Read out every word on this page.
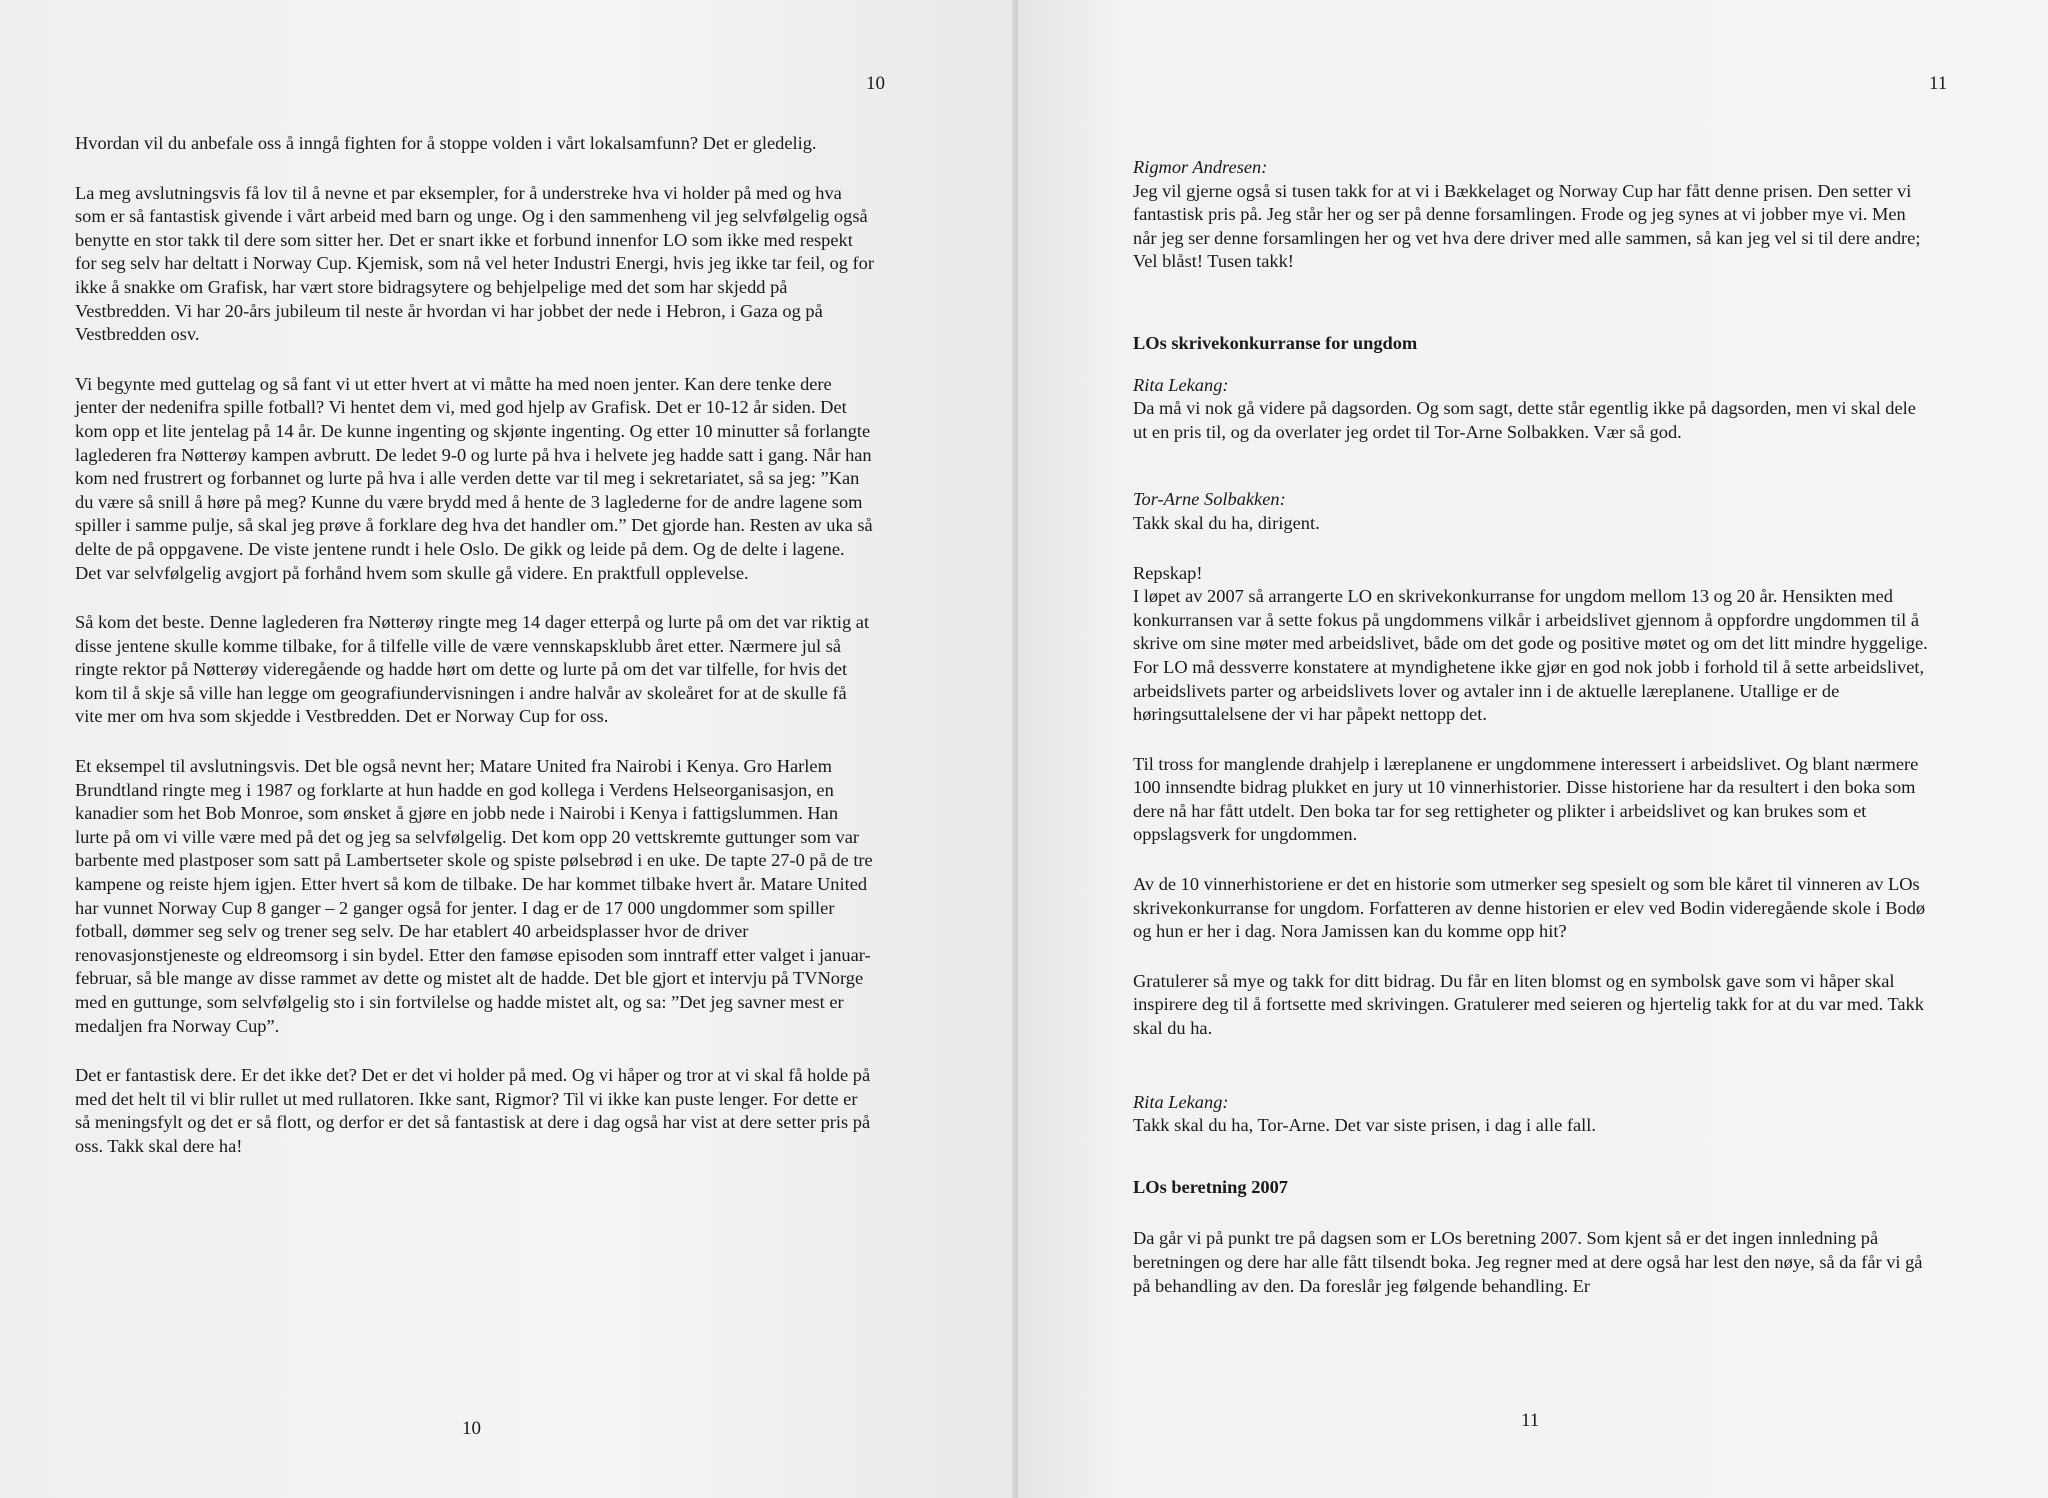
10

Hvordan vil du anbefale oss å inngå fighten for å stoppe volden i vårt lokalsamfunn? Det er gledelig.

La meg avslutningsvis få lov til å nevne et par eksempler, for å understreke hva vi holder på med og hva som er så fantastisk givende i vårt arbeid med barn og unge. Og i den sammenheng vil jeg selvfølgelig også benytte en stor takk til dere som sitter her. Det er snart ikke et forbund innenfor LO som ikke med respekt for seg selv har deltatt i Norway Cup. Kjemisk, som nå vel heter Industri Energi, hvis jeg ikke tar feil, og for ikke å snakke om Grafisk, har vært store bidragsytere og behjelpelige med det som har skjedd på Vestbredden. Vi har 20-års jubileum til neste år hvordan vi har jobbet der nede i Hebron, i Gaza og på Vestbredden osv.

Vi begynte med guttelag og så fant vi ut etter hvert at vi måtte ha med noen jenter. Kan dere tenke dere jenter der nedenifra spille fotball? Vi hentet dem vi, med god hjelp av Grafisk. Det er 10-12 år siden. Det kom opp et lite jentelag på 14 år. De kunne ingenting og skjønte ingenting. Og etter 10 minutter så forlangte laglederen fra Nøtterøy kampen avbrutt. De ledet 9-0 og lurte på hva i helvete jeg hadde satt i gang. Når han kom ned frustrert og forbannet og lurte på hva i alle verden dette var til meg i sekretariatet, så sa jeg: ”Kan du være så snill å høre på meg? Kunne du være brydd med å hente de 3 laglederne for de andre lagene som spiller i samme pulje, så skal jeg prøve å forklare deg hva det handler om.” Det gjorde han. Resten av uka så delte de på oppgavene. De viste jentene rundt i hele Oslo. De gikk og leide på dem. Og de delte i lagene. Det var selvfølgelig avgjort på forhånd hvem som skulle gå videre. En praktfull opplevelse.

Så kom det beste. Denne laglederen fra Nøtterøy ringte meg 14 dager etterpå og lurte på om det var riktig at disse jentene skulle komme tilbake, for å tilfelle ville de være vennskapsklubb året etter. Nærmere jul så ringte rektor på Nøtterøy videregående og hadde hørt om dette og lurte på om det var tilfelle, for hvis det kom til å skje så ville han legge om geografiundervisningen i andre halvår av skoleåret for at de skulle få vite mer om hva som skjedde i Vestbredden. Det er Norway Cup for oss.

Et eksempel til avslutningsvis. Det ble også nevnt her; Matare United fra Nairobi i Kenya. Gro Harlem Brundtland ringte meg i 1987 og forklarte at hun hadde en god kollega i Verdens Helseorganisasjon, en kanadier som het Bob Monroe, som ønsket å gjøre en jobb nede i Nairobi i Kenya i fattigslummen. Han lurte på om vi ville være med på det og jeg sa selvfølgelig. Det kom opp 20 vettskremte guttunger som var barbente med plastposer som satt på Lambertseter skole og spiste pølsebrød i en uke. De tapte 27-0 på de tre kampene og reiste hjem igjen. Etter hvert så kom de tilbake. De har kommet tilbake hvert år. Matare United har vunnet Norway Cup 8 ganger – 2 ganger også for jenter. I dag er de 17 000 ungdommer som spiller fotball, dømmer seg selv og trener seg selv. De har etablert 40 arbeidsplasser hvor de driver renovasjonstjeneste og eldreomsorg i sin bydel. Etter den famøse episoden som inntraff etter valget i januar-februar, så ble mange av disse rammet av dette og mistet alt de hadde. Det ble gjort et intervju på TVNorge med en guttunge, som selvfølgelig sto i sin fortvilelse og hadde mistet alt, og sa: ”Det jeg savner mest er medaljen fra Norway Cup”.

Det er fantastisk dere. Er det ikke det? Det er det vi holder på med. Og vi håper og tror at vi skal få holde på med det helt til vi blir rullet ut med rullatoren. Ikke sant, Rigmor? Til vi ikke kan puste lenger. For dette er så meningsfylt og det er så flott, og derfor er det så fantastisk at dere i dag også har vist at dere setter pris på oss. Takk skal dere ha!

10
11
Rigmor Andresen:

Jeg vil gjerne også si tusen takk for at vi i Bækkelaget og Norway Cup har fått denne prisen. Den setter vi fantastisk pris på. Jeg står her og ser på denne forsamlingen. Frode og jeg synes at vi jobber mye vi. Men når jeg ser denne forsamlingen her og vet hva dere driver med alle sammen, så kan jeg vel si til dere andre; Vel blåst! Tusen takk!

LOs skrivekonkurranse for ungdom

Rita Lekang:

Da må vi nok gå videre på dagsorden. Og som sagt, dette står egentlig ikke på dagsorden, men vi skal dele ut en pris til, og da overlater jeg ordet til Tor-Arne Solbakken. Vær så god.

Tor-Arne Solbakken:

Takk skal du ha, dirigent.

Repskap!

I løpet av 2007 så arrangerte LO en skrivekonkurranse for ungdom mellom 13 og 20 år. Hensikten med konkurransen var å sette fokus på ungdommens vilkår i arbeidslivet gjennom å oppfordre ungdommen til å skrive om sine møter med arbeidslivet, både om det gode og positive møtet og om det litt mindre hyggelige. For LO må dessverre konstatere at myndighetene ikke gjør en god nok jobb i forhold til å sette arbeidslivet, arbeidslivets parter og arbeidslivets lover og avtaler inn i de aktuelle læreplanene. Utallige er de høringsuttalelsene der vi har påpekt nettopp det.

Til tross for manglende drahjelp i læreplanene er ungdommene interessert i arbeidslivet. Og blant nærmere 100 innsendte bidrag plukket en jury ut 10 vinnerhistorier. Disse historiene har da resultert i den boka som dere nå har fått utdelt. Den boka tar for seg rettigheter og plikter i arbeidslivet og kan brukes som et oppslagsverk for ungdommen.

Av de 10 vinnerhistoriene er det en historie som utmerker seg spesielt og som ble kåret til vinneren av LOs skrivekonkurranse for ungdom. Forfatteren av denne historien er elev ved Bodin videregående skole i Bodø og hun er her i dag. Nora Jamissen kan du komme opp hit?

Gratulerer så mye og takk for ditt bidrag. Du får en liten blomst og en symbolsk gave som vi håper skal inspirere deg til å fortsette med skrivingen. Gratulerer med seieren og hjertelig takk for at du var med. Takk skal du ha.

Rita Lekang:

Takk skal du ha, Tor-Arne. Det var siste prisen, i dag i alle fall.

LOs beretning 2007

Da går vi på punkt tre på dagsen som er LOs beretning 2007. Som kjent så er det ingen innledning på beretningen og dere har alle fått tilsendt boka. Jeg regner med at dere også har lest den nøye, så da får vi gå på behandling av den. Da foreslår jeg følgende behandling. Er

11
